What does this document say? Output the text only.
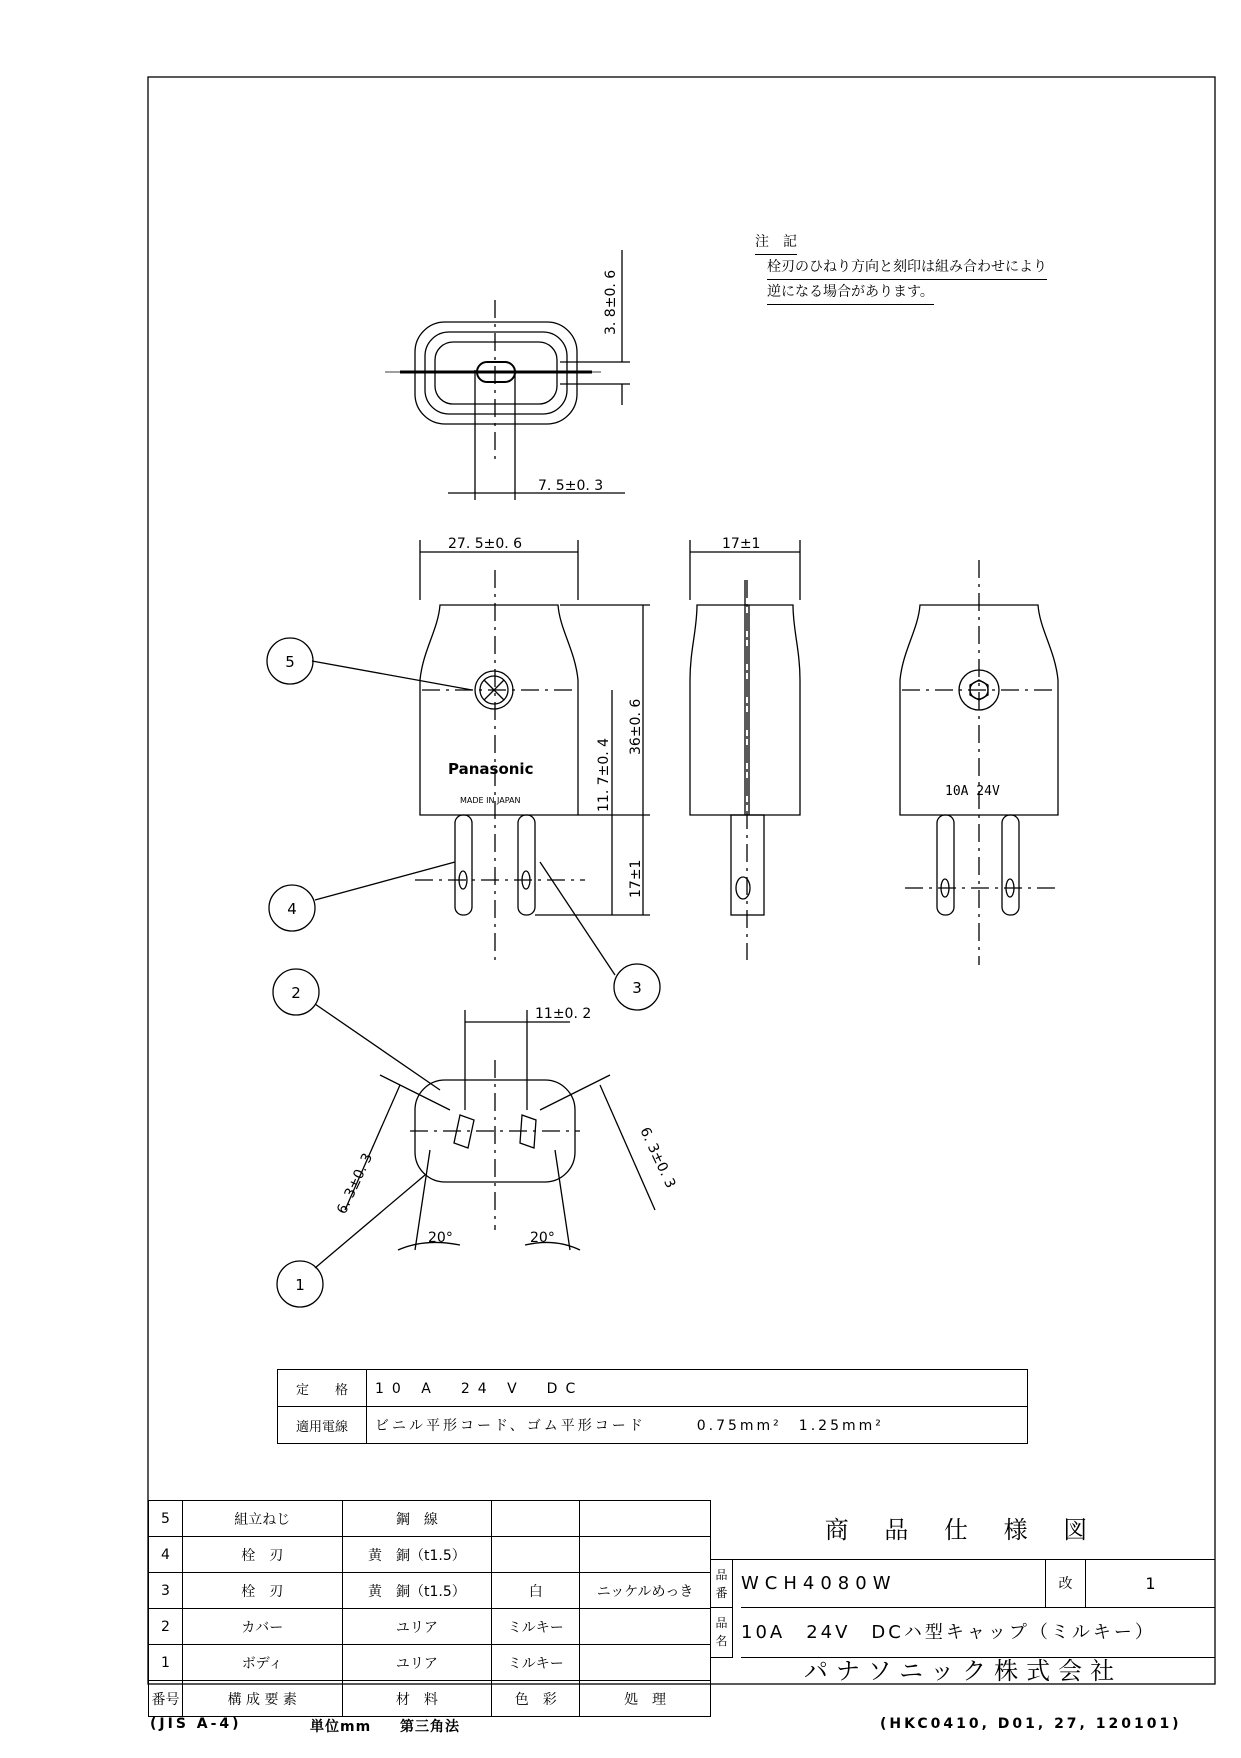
3. 8±0. 6
7. 5±0. 3
27. 5±0. 6	17±1
36±0. 6
11. 7±0. 4
17±1
11±0. 2
6. 3±0. 3	6. 3±0. 3
20°	20°
Panasonic
MADE IN JAPAN
10A 24V
5
4
3
2
1
注　記
栓刃のひねり方向と刻印は組み合わせにより
逆になる場合があります。
定　　格	10 A　24 V　DC
適用電線	ビニル平形コード、ゴム平形コード　　　0.75mm²　1.25mm²
5	組立ねじ	鋼　線		
4	栓　刃	黄　銅（t1.5）		
3	栓　刃	黄　銅（t1.5）	白	ニッケルめっき
2	カバー	ユリア	ミルキー	
1	ボディ	ユリア	ミルキー	
番号	構 成 要 素	材　料	色　彩	処　理
商 品 仕 様 図
品番 WCH4080W	改	1
品名 10A　24V　DCハ型キャップ（ミルキー）
パナソニック株式会社
(JIS A-4)	単位mm 第三角法	(HKC0410, D01, 27, 120101)
